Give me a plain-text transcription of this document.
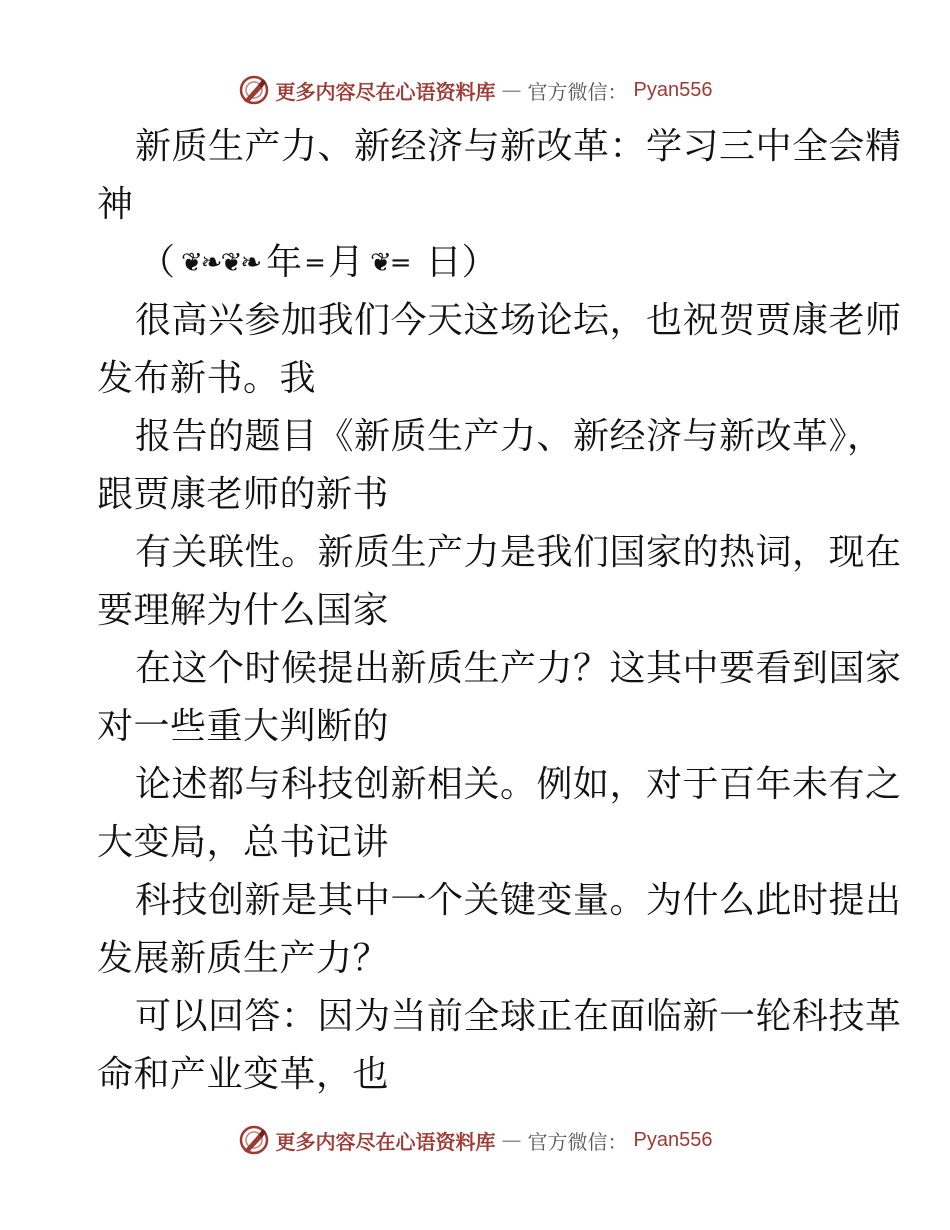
更多内容尽在心语资料库 — 官方微信： Pyan556
新质生产力、新经济与新改革：学习三中全会精
神
（ ❦❧❦❧ 年 = 月 ❦= 日 ）
很高兴参加我们今天这场论坛，也祝贺贾康老师
发布新书。我
报告的题目《新质生产力、新经济与新改革》，
跟贾康老师的新书
有关联性。新质生产力是我们国家的热词，现在
要理解为什么国家
在这个时候提出新质生产力？这其中要看到国家
对一些重大判断的
论述都与科技创新相关。例如，对于百年未有之
大变局，总书记讲
科技创新是其中一个关键变量。为什么此时提出
发展新质生产力？
可以回答：因为当前全球正在面临新一轮科技革
命和产业变革，也
更多内容尽在心语资料库 — 官方微信： Pyan556
